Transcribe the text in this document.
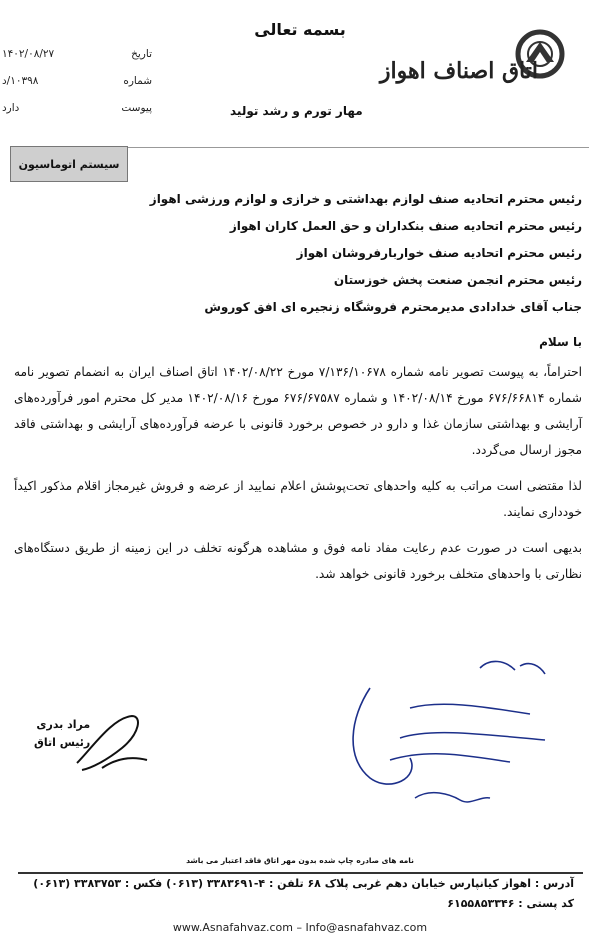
اتاق اصناف اهواز
بسمه تعالی
تاریخ
۱۴۰۲/۰۸/۲۷
شماره
۱۰۳۹۸/د
پیوست
دارد	مهار تورم و رشد تولید
سیستم اتوماسیون
رئیس محترم اتحادیه صنف لوازم بهداشتی و خرازی و لوازم ورزشی اهواز
رئیس محترم اتحادیه صنف بنکداران و حق العمل کاران اهواز
رئیس محترم اتحادیه صنف خواربارفروشان اهواز
رئیس محترم انجمن صنعت پخش خوزستان
جناب آقای خدادادی مدیرمحترم فروشگاه زنجیره ای افق کوروش
با سلام

احتراماً، به پیوست تصویر نامه شماره ۷/۱۳۶/۱۰۶۷۸ مورخ ۱۴۰۲/۰۸/۲۲ اتاق اصناف ایران به انضمام تصویر نامه شماره ۶۷۶/۶۶۸۱۴ مورخ ۱۴۰۲/۰۸/۱۴ و شماره ۶۷۶/۶۷۵۸۷ مورخ ۱۴۰۲/۰۸/۱۶ مدیر کل محترم امور فرآورده‌های آرایشی و بهداشتی سازمان غذا و دارو در خصوص برخورد قانونی با عرضه فرآورده‌های آرایشی و بهداشتی فاقد مجوز ارسال می‌گردد.

لذا مقتضی است مراتب به کلیه واحدهای تحت‌پوشش اعلام نمایید از عرضه و فروش غیرمجاز اقلام مذکور اکیداً خودداری نمایند.

بدیهی است در صورت عدم رعایت مفاد نامه فوق و مشاهده هرگونه تخلف در این زمینه از طریق دستگاه‌های نظارتی با واحدهای متخلف برخورد قانونی خواهد شد.

مراد بدری
رئیس اتاق
نامه های صادره چاپ شده بدون مهر اتاق فاقد اعتبار می باشد
آدرس : اهواز کیانپارس خیابان دهم غربی پلاک ۶۸ تلفن : ۴-۳۳۸۳۶۹۱ (۰۶۱۳) فکس : ۳۳۸۳۷۵۳ (۰۶۱۳)
کد پستی : ۶۱۵۵۸۵۳۳۴۶
www.Asnafahvaz.com – Info@asnafahvaz.com
